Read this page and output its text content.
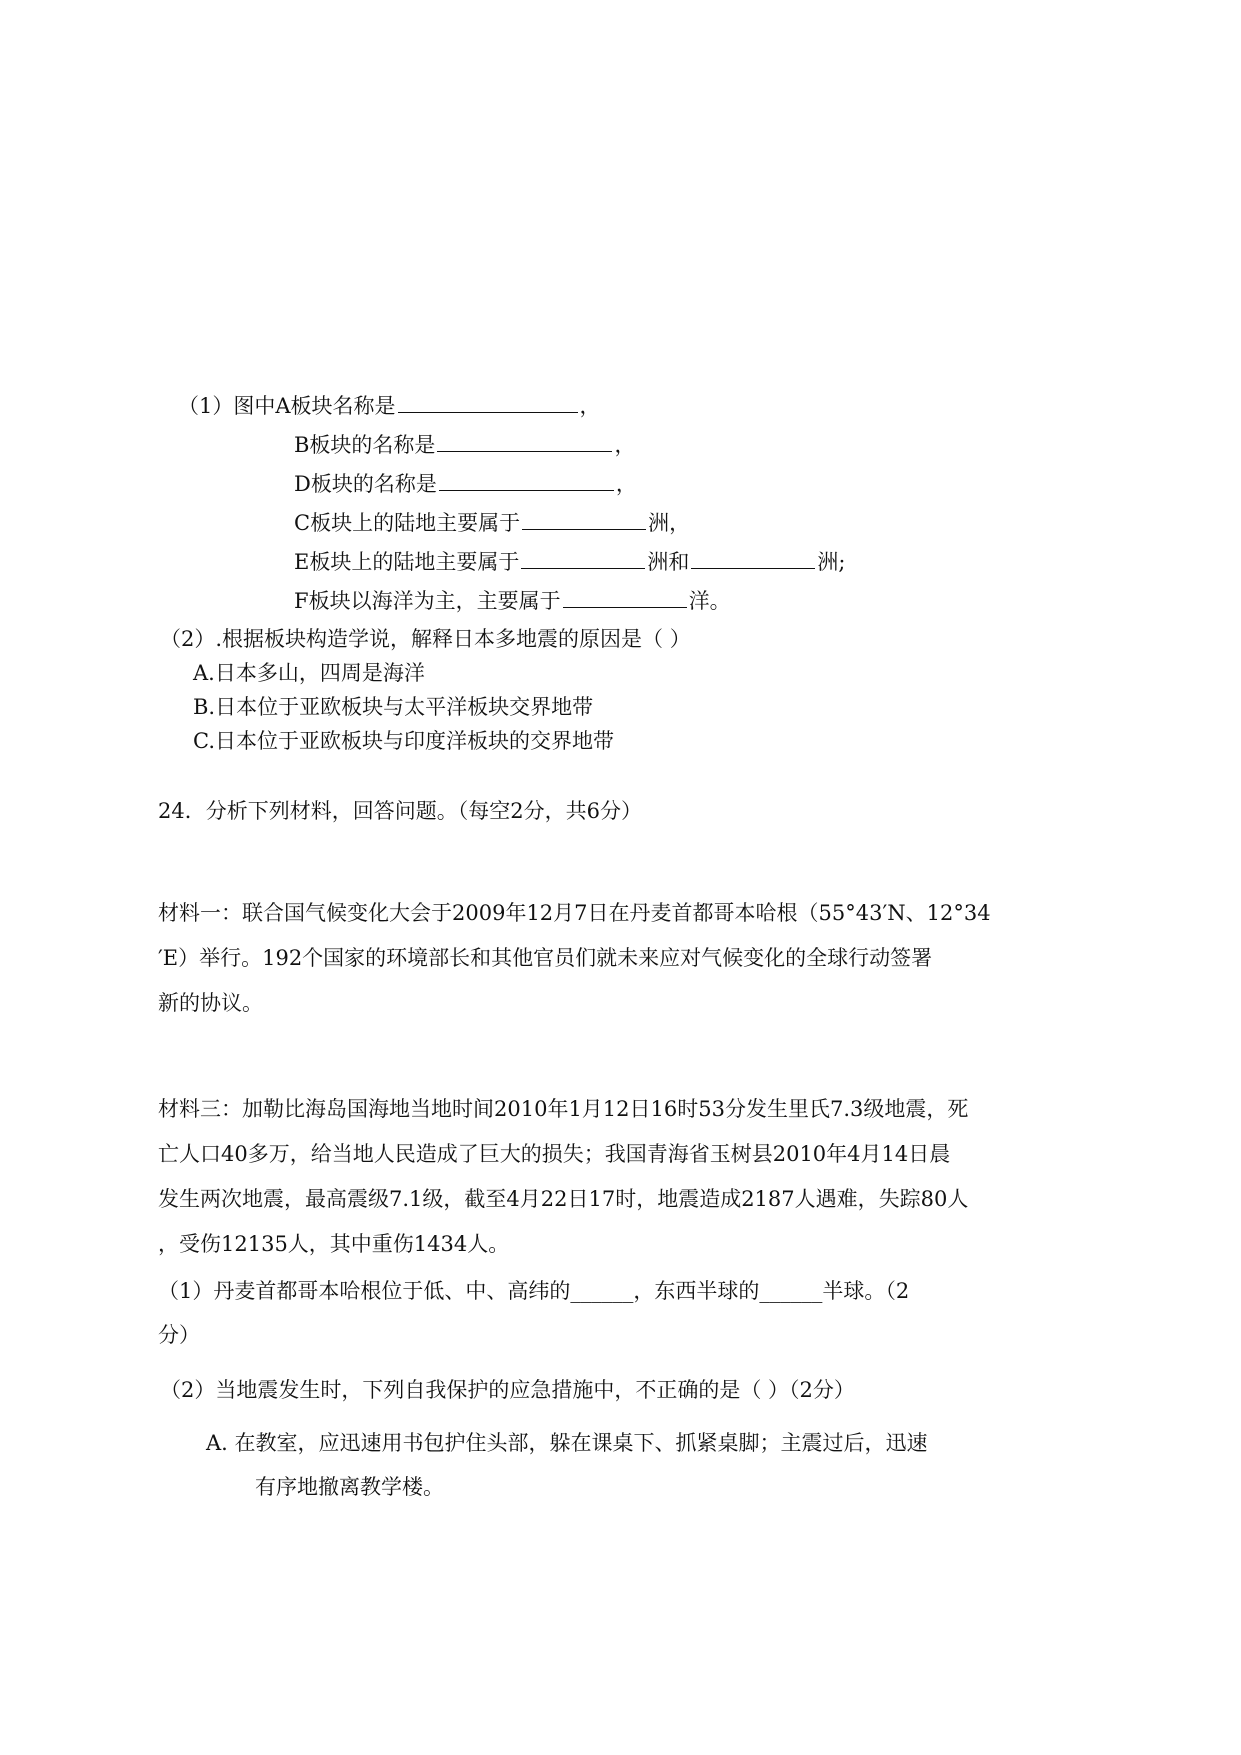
（1）图中A板块名称是	，
B板块的名称是	，
D板块的名称是	，
C板块上的陆地主要属于	洲，
E板块上的陆地主要属于	洲和	洲;
F板块以海洋为主，主要属于	洋。
（2）.根据板块构造学说，解释日本多地震的原因是（ ）
A.日本多山，四周是海洋
B.日本位于亚欧板块与太平洋板块交界地带
C.日本位于亚欧板块与印度洋板块的交界地带
24．分析下列材料，回答问题。（每空2分，共6分）
材料一：联合国气候变化大会于2009年12月7日在丹麦首都哥本哈根（55°43′N、12°34
′E）举行。192个国家的环境部长和其他官员们就未来应对气候变化的全球行动签署
新的协议。
材料三：加勒比海岛国海地当地时间2010年1月12日16时53分发生里氏7.3级地震，死
亡人口40多万，给当地人民造成了巨大的损失；我国青海省玉树县2010年4月14日晨
发生两次地震，最高震级7.1级，截至4月22日17时，地震造成2187人遇难，失踪80人
，受伤12135人，其中重伤1434人。
（1）丹麦首都哥本哈根位于低、中、高纬的______，东西半球的______半球。（2
分）
（2）当地震发生时，下列自我保护的应急措施中，不正确的是（ ）（2分）
A. 在教室，应迅速用书包护住头部，躲在课桌下、抓紧桌脚；主震过后，迅速
有序地撤离教学楼。
